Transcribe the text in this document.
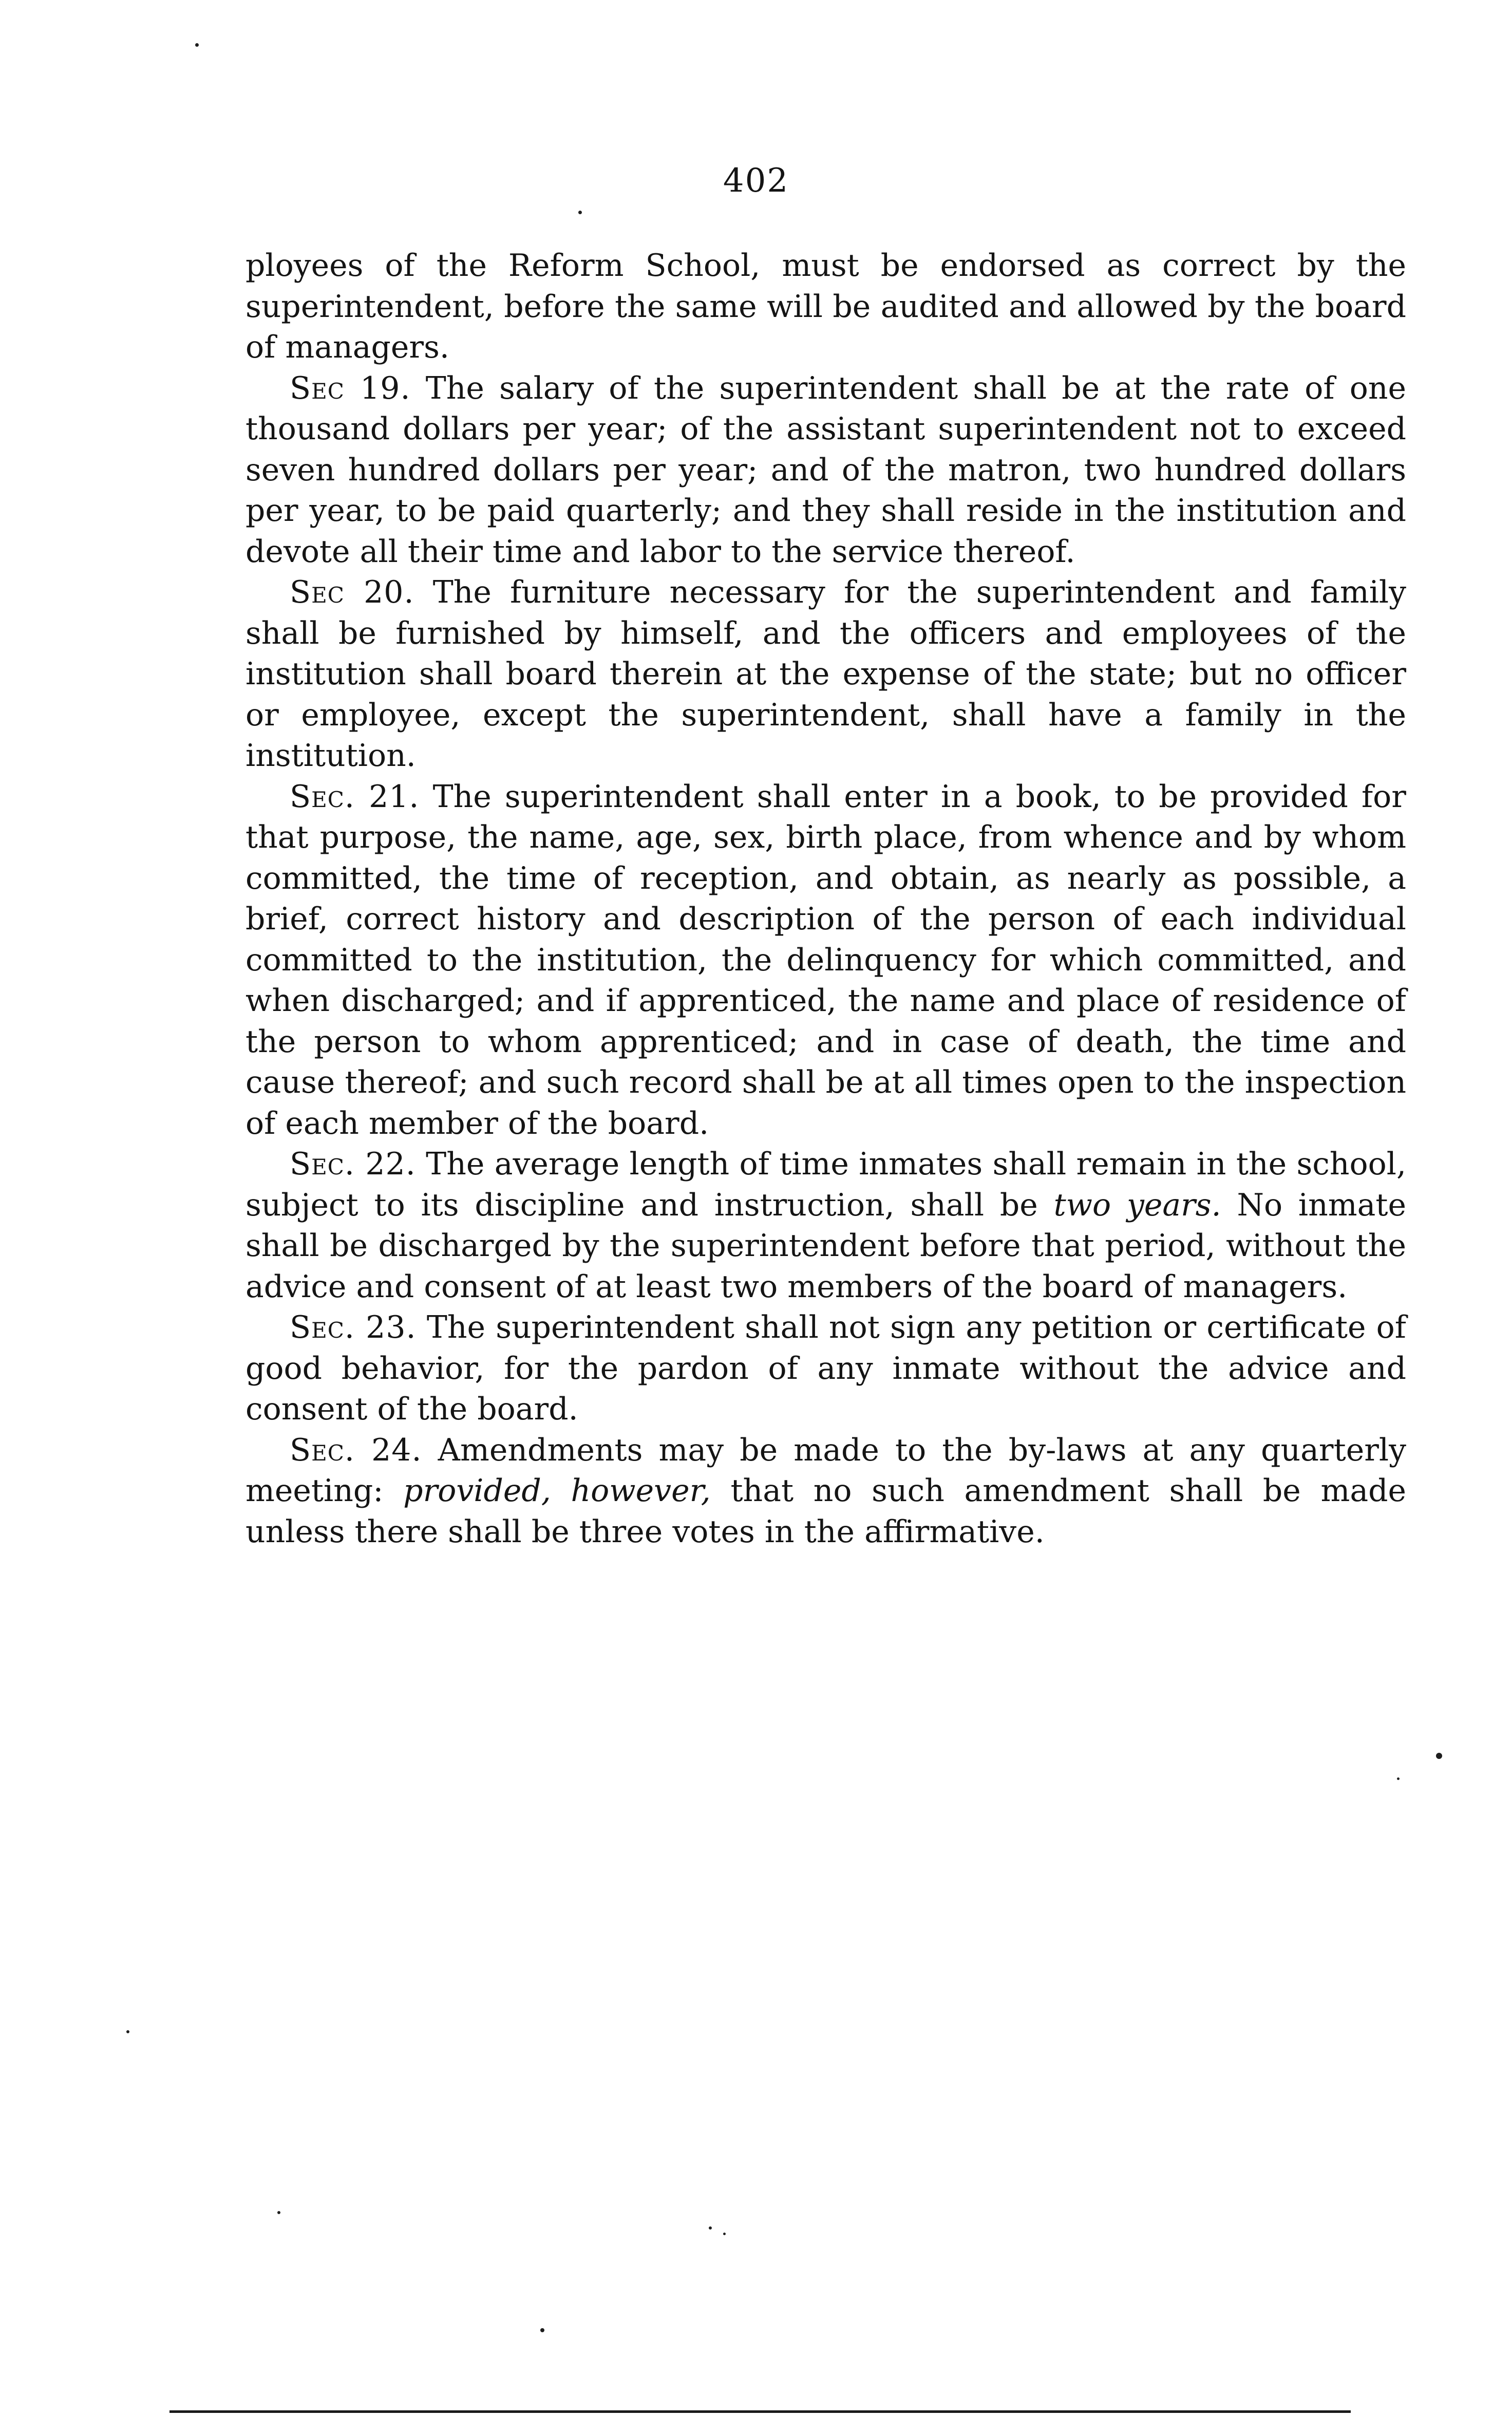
402

ployees of the Reform School, must be endorsed as correct by the superintendent, before the same will be audited and allowed by the board of managers.

Sec 19. The salary of the superintendent shall be at the rate of one thousand dollars per year; of the assistant superintendent not to exceed seven hundred dollars per year; and of the matron, two hundred dollars per year, to be paid quarterly; and they shall reside in the institution and devote all their time and labor to the service thereof.

Sec 20. The furniture necessary for the superintendent and family shall be furnished by himself, and the officers and employees of the institution shall board therein at the expense of the state; but no officer or employee, except the superintendent, shall have a family in the institution.

Sec. 21. The superintendent shall enter in a book, to be provided for that purpose, the name, age, sex, birth place, from whence and by whom committed, the time of reception, and obtain, as nearly as possible, a brief, correct history and description of the person of each individual committed to the institution, the delinquency for which committed, and when discharged; and if apprenticed, the name and place of residence of the person to whom apprenticed; and in case of death, the time and cause thereof; and such record shall be at all times open to the inspection of each member of the board.

Sec. 22. The average length of time inmates shall remain in the school, subject to its discipline and instruction, shall be two years. No inmate shall be discharged by the superintendent before that period, without the advice and consent of at least two members of the board of managers.

Sec. 23. The superintendent shall not sign any petition or certificate of good behavior, for the pardon of any inmate without the advice and consent of the board.

Sec. 24. Amendments may be made to the by-laws at any quarterly meeting: provided, however, that no such amendment shall be made unless there shall be three votes in the affirmative.
